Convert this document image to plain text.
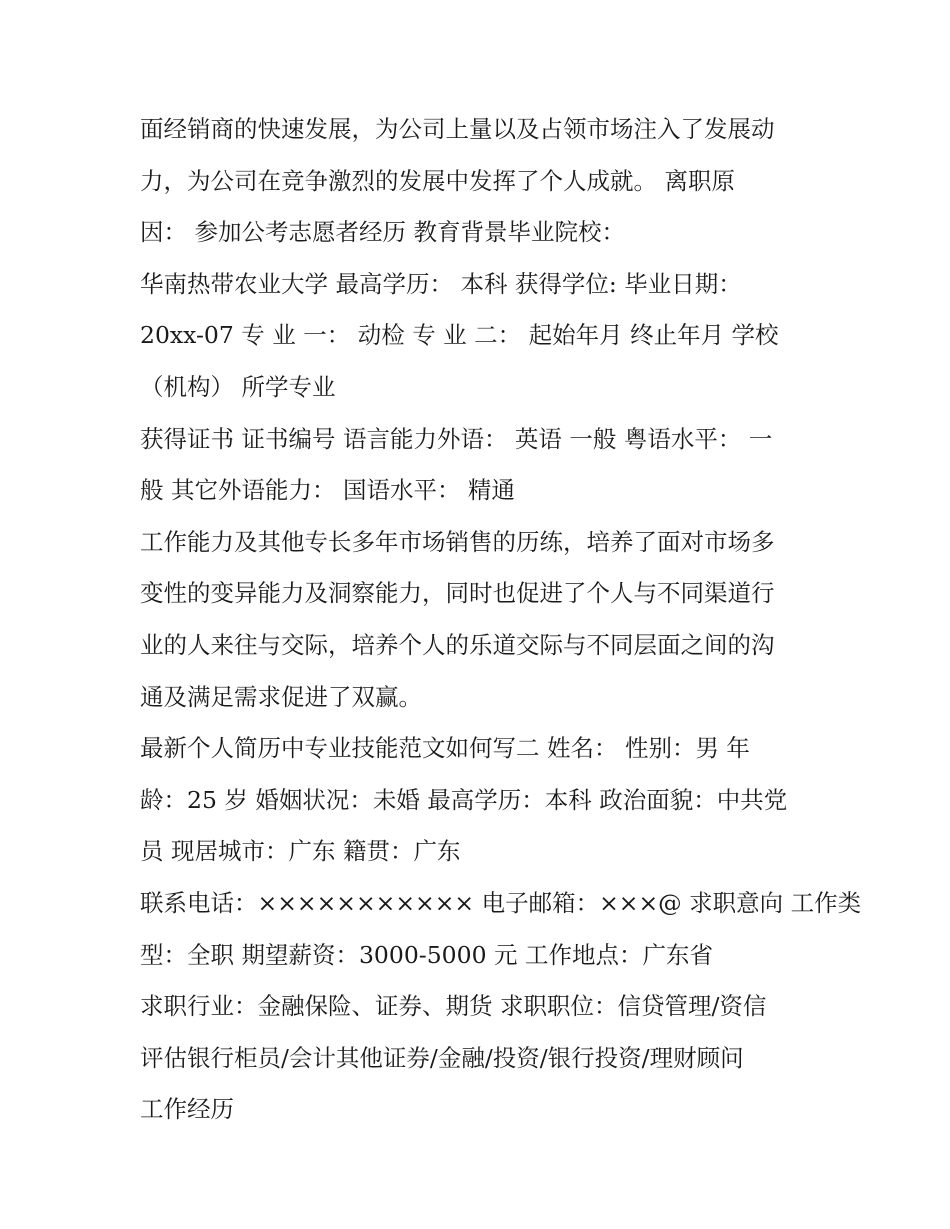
面经销商的快速发展，为公司上量以及占领市场注入了发展动
力，为公司在竞争激烈的发展中发挥了个人成就。 离职原
因： 参加公考志愿者经历 教育背景毕业院校：
华南热带农业大学 最高学历： 本科 获得学位: 毕业日期：
20xx-07 专 业 一： 动检 专 业 二： 起始年月 终止年月 学校
（机构） 所学专业
获得证书 证书编号 语言能力外语： 英语 一般 粤语水平： 一
般 其它外语能力： 国语水平： 精通
工作能力及其他专长多年市场销售的历练，培养了面对市场多
变性的变异能力及洞察能力，同时也促进了个人与不同渠道行
业的人来往与交际，培养个人的乐道交际与不同层面之间的沟
通及满足需求促进了双赢。
最新个人简历中专业技能范文如何写二 姓名： 性别：男 年
龄：25 岁 婚姻状况：未婚 最高学历：本科 政治面貌：中共党
员 现居城市：广东 籍贯：广东
联系电话：××××××××××× 电子邮箱：×××@ 求职意向 工作类
型：全职 期望薪资：3000-5000 元 工作地点：广东省
求职行业：金融保险、证券、期货 求职职位：信贷管理/资信
评估银行柜员/会计其他证券/金融/投资/银行投资/理财顾问
工作经历
